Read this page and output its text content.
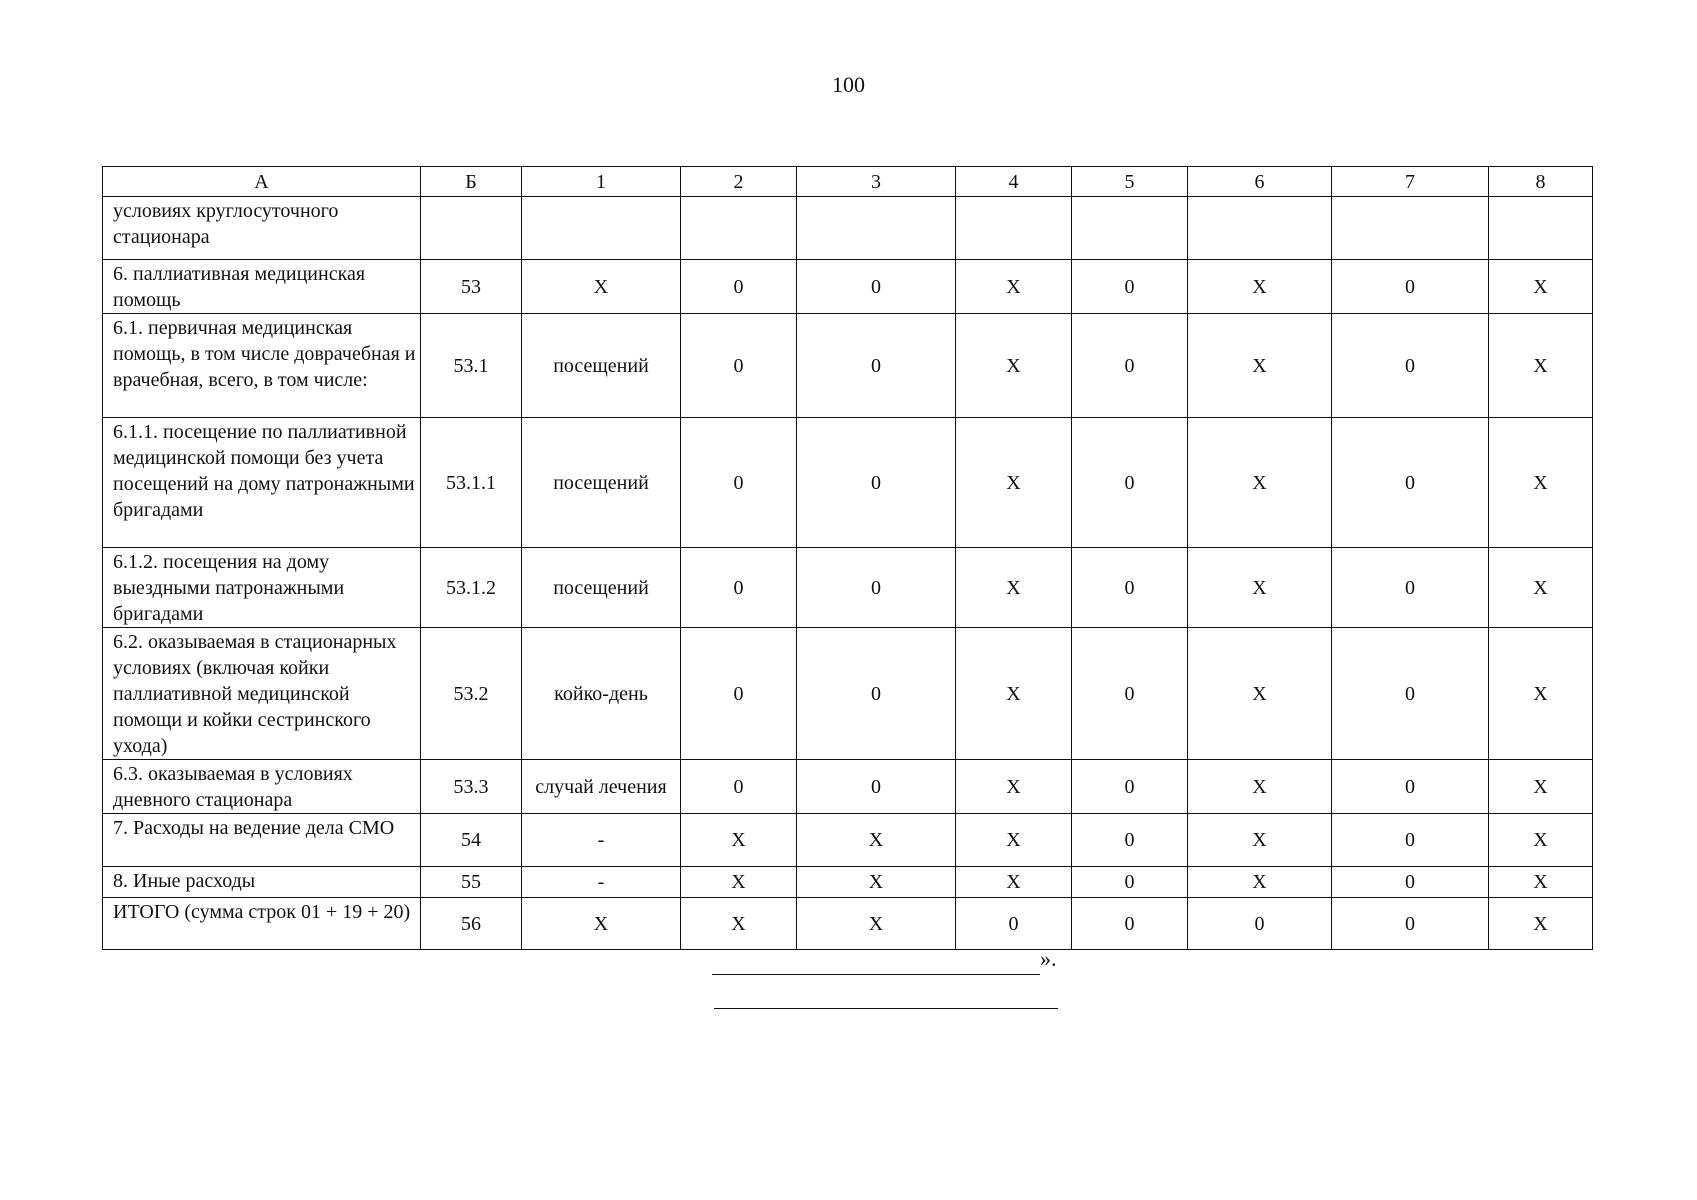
100
А	Б	1	2	3	4	5	6	7	8
условиях круглосуточного стационара									
6. паллиативная медицинская помощь	53	Х	0	0	Х	0	Х	0	Х
6.1. первичная медицинская помощь, в том числе доврачебная и врачебная, всего, в том числе:	53.1	посещений	0	0	Х	0	Х	0	Х
6.1.1. посещение по паллиативной медицинской помощи без учета посещений на дому патронажными бригадами	53.1.1	посещений	0	0	Х	0	Х	0	Х
6.1.2. посещения на дому выездными патронажными бригадами	53.1.2	посещений	0	0	Х	0	Х	0	Х
6.2. оказываемая в стационарных условиях (включая койки паллиативной медицинской помощи и койки сестринского ухода)	53.2	койко-день	0	0	Х	0	Х	0	Х
6.3. оказываемая в условиях дневного стационара	53.3	случай лечения	0	0	Х	0	Х	0	Х
7. Расходы на ведение дела СМО	54	-	Х	Х	Х	0	Х	0	Х
8. Иные расходы	55	-	Х	Х	Х	0	Х	0	Х
ИТОГО (сумма строк 01 + 19 + 20)	56	Х	Х	Х	0	0	0	0	Х
».
